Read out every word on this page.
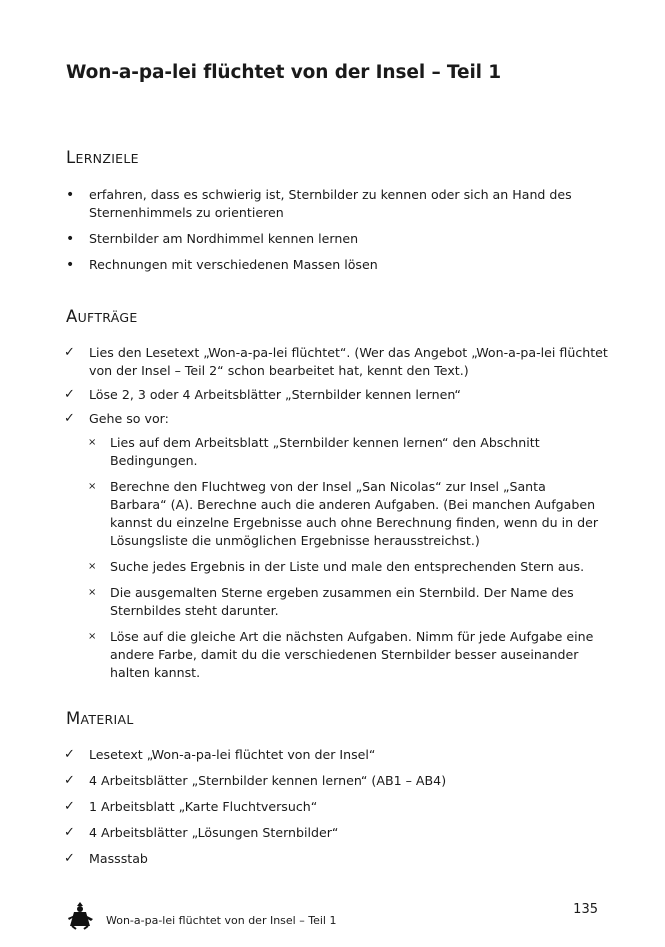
Won-a-pa-lei flüchtet von der Insel – Teil 1
LERNZIELE
• erfahren, dass es schwierig ist, Sternbilder zu kennen oder sich an Hand des Sternenhimmels zu orientieren
• Sternbilder am Nordhimmel kennen lernen
• Rechnungen mit verschiedenen Massen lösen
AUFTRÄGE
✓ Lies den Lesetext „Won-a-pa-lei flüchtet“. (Wer das Angebot „Won-a-pa-lei flüchtet von der Insel – Teil 2“ schon bearbeitet hat, kennt den Text.)
✓ Löse 2, 3 oder 4 Arbeitsblätter „Sternbilder kennen lernen“
✓ Gehe so vor:
× Lies auf dem Arbeitsblatt „Sternbilder kennen lernen“ den Abschnitt Bedingungen.
× Berechne den Fluchtweg von der Insel „San Nicolas“ zur Insel „Santa Barbara“ (A). Berechne auch die anderen Aufgaben. (Bei manchen Aufgaben kannst du einzelne Ergebnisse auch ohne Berechnung finden, wenn du in der Lösungsliste die unmöglichen Ergebnisse herausstreichst.)
× Suche jedes Ergebnis in der Liste und male den entsprechenden Stern aus.
× Die ausgemalten Sterne ergeben zusammen ein Sternbild. Der Name des Sternbildes steht darunter.
× Löse auf die gleiche Art die nächsten Aufgaben. Nimm für jede Aufgabe eine andere Farbe, damit du die verschiedenen Sternbilder besser auseinander halten kannst.
MATERIAL
✓ Lesetext „Won-a-pa-lei flüchtet von der Insel“
✓ 4 Arbeitsblätter „Sternbilder kennen lernen“ (AB1 – AB4)
✓ 1 Arbeitsblatt „Karte Fluchtversuch“
✓ 4 Arbeitsblätter „Lösungen Sternbilder“
✓ Massstab
Won-a-pa-lei flüchtet von der Insel – Teil 1
135
